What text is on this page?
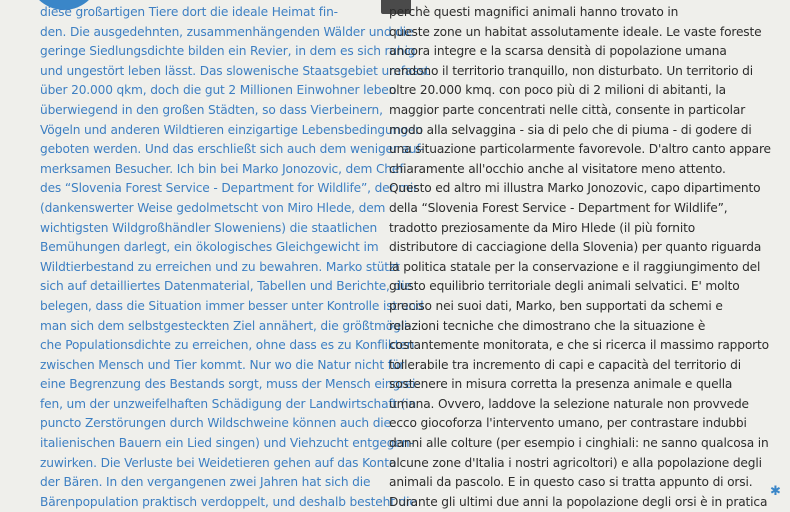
diese großartigen Tiere dort die ideale Heimat fin-
den. Die ausgedehnten, zusammenhängenden Wälder und die
geringe Siedlungsdichte bilden ein Revier, in dem es sich ruhig
und ungestört leben lässt. Das slowenische Staatsgebiet umfasst
über 20.000 qkm, doch die gut 2 Millionen Einwohner leben
überwiegend in den großen Städten, so dass Vierbeinern,
Vögeln und anderen Wildtieren einzigartige Lebensbedingungen
geboten werden. Und das erschließt sich auch dem weniger auf-
merksamen Besucher. Ich bin bei Marko Jonozovic, dem Chef
des “Slovenia Forest Service - Department for Wildlife”, der mir
(dankenswerter Weise gedolmetscht von Miro Hlede, dem
wichtigsten Wildgroßhändler Sloweniens) die staatlichen
Bemühungen darlegt, ein ökologisches Gleichgewicht im
Wildtierbestand zu erreichen und zu bewahren. Marko stützt
sich auf detailliertes Datenmaterial, Tabellen und Berichte, die
belegen, dass die Situation immer besser unter Kontrolle ist und
man sich dem selbstgesteckten Ziel annähert, die größtmögli-
che Populationsdichte zu erreichen, ohne dass es zu Konflikten
zwischen Mensch und Tier kommt. Nur wo die Natur nicht für
eine Begrenzung des Bestands sorgt, muss der Mensch eingrei-
fen, um der unzweifelhaften Schädigung der Landwirtschaft (in
puncto Zerstörungen durch Wildschweine können auch die
italienischen Bauern ein Lied singen) und Viehzucht entgegen-
zuwirken. Die Verluste bei Weidetieren gehen auf das Konto
der Bären. In den vergangenen zwei Jahren hat sich die
Bärenpopulation praktisch verdoppelt, und deshalb besteht die
perchè questi magnifici animali hanno trovato in
queste zone un habitat assolutamente ideale. Le vaste foreste
ancora integre e la scarsa densità di popolazione umana
rendono il territorio tranquillo, non disturbato. Un territorio di
oltre 20.000 kmq. con poco più di 2 milioni di abitanti, la
maggior parte concentrati nelle città, consente in particolar
modo alla selvaggina - sia di pelo che di piuma - di godere di
una situazione particolarmente favorevole. D'altro canto appare
chiaramente all'occhio anche al visitatore meno attento.
Questo ed altro mi illustra Marko Jonozovic, capo dipartimento
della “Slovenia Forest Service - Department for Wildlife”,
tradotto preziosamente da Miro Hlede (il più fornito
distributore di cacciagione della Slovenia) per quanto riguarda
la politica statale per la conservazione e il raggiungimento del
giusto equilibrio territoriale degli animali selvatici. E' molto
preciso nei suoi dati, Marko, ben supportati da schemi e
relazioni tecniche che dimostrano che la situazione è
costantemente monitorata, e che si ricerca il massimo rapporto
tollerabile tra incremento di capi e capacità del territorio di
sostenere in misura corretta la presenza animale e quella
umana. Ovvero, laddove la selezione naturale non provvede
ecco giocoforza l'intervento umano, per contrastare indubbi
danni alle colture (per esempio i cinghiali: ne sanno qualcosa in
alcune zone d'Italia i nostri agricoltori) e alla popolazione degli
animali da pascolo. E in questo caso si tratta appunto di orsi.
Durante gli ultimi due anni la popolazione degli orsi è in pratica
✱
